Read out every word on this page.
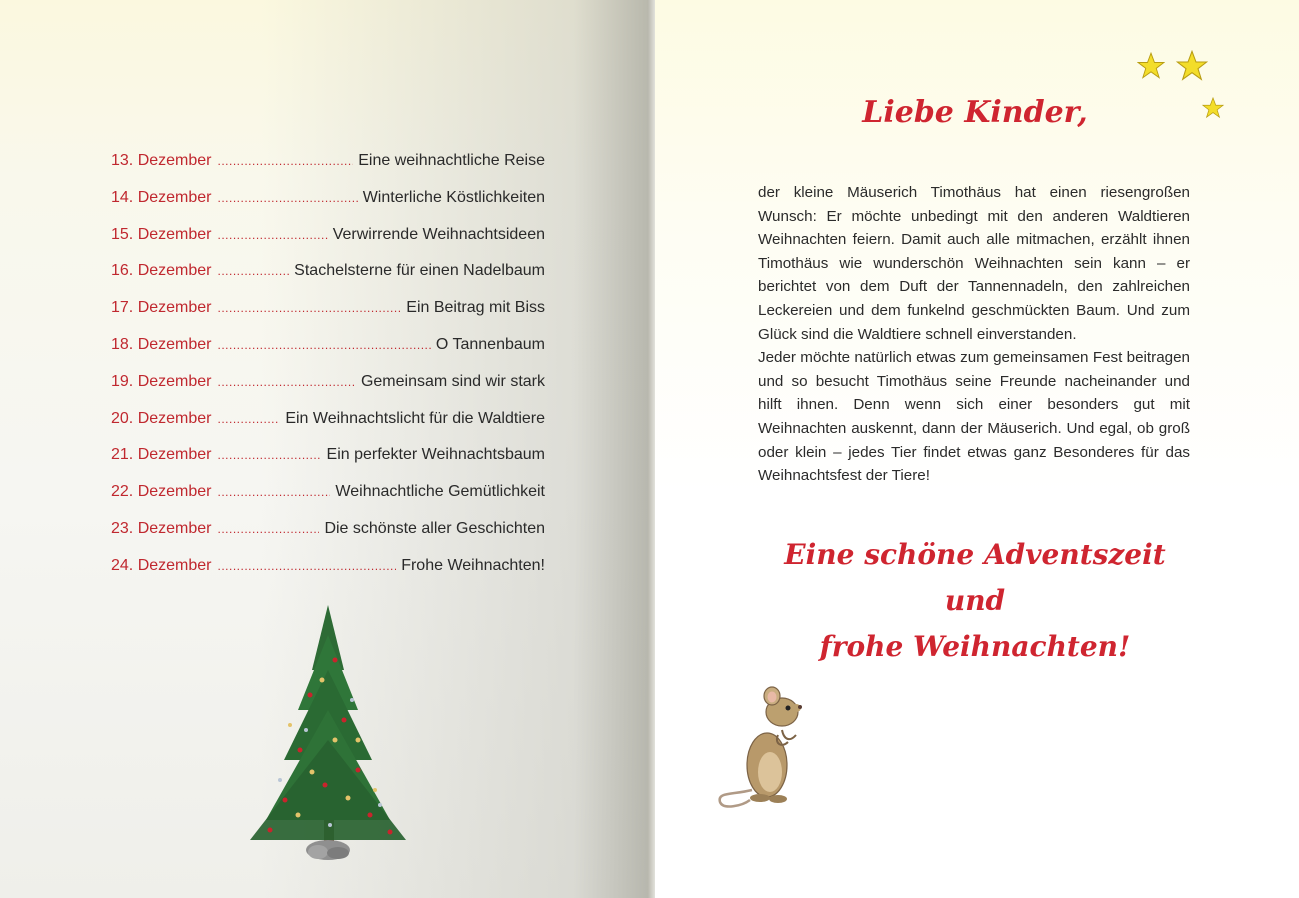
13. Dezember .....	Eine weihnachtliche Reise
14. Dezember .....	Winterliche Köstlichkeiten
15. Dezember .....	Verwirrende Weihnachtsideen
16. Dezember .....	Stachelsterne für einen Nadelbaum
17. Dezember .....	Ein Beitrag mit Biss
18. Dezember .....	O Tannenbaum
19. Dezember .....	Gemeinsam sind wir stark
20. Dezember .....	Ein Weihnachtslicht für die Waldtiere
21. Dezember .....	Ein perfekter Weihnachtsbaum
22. Dezember .....	Weihnachtliche Gemütlichkeit
23. Dezember .....	Die schönste aller Geschichten
24. Dezember .....	Frohe Weihnachten!
Liebe Kinder,

der kleine Mäuserich Timothäus hat einen riesengroßen Wunsch: Er möchte unbedingt mit den anderen Waldtieren Weihnachten feiern. Damit auch alle mitmachen, erzählt ihnen Timothäus wie wunderschön Weihnachten sein kann – er berichtet von dem Duft der Tannennadeln, den zahlreichen Leckereien und dem funkelnd geschmückten Baum. Und zum Glück sind die Waldtiere schnell einverstanden.

Jeder möchte natürlich etwas zum gemeinsamen Fest beitragen und so besucht Timothäus seine Freunde nacheinander und hilft ihnen. Denn wenn sich einer besonders gut mit Weihnachten auskennt, dann der Mäuserich. Und egal, ob groß oder klein – jedes Tier findet etwas ganz Besonderes für das Weihnachtsfest der Tiere!

Eine schöne Adventszeit und
frohe Weihnachten!
